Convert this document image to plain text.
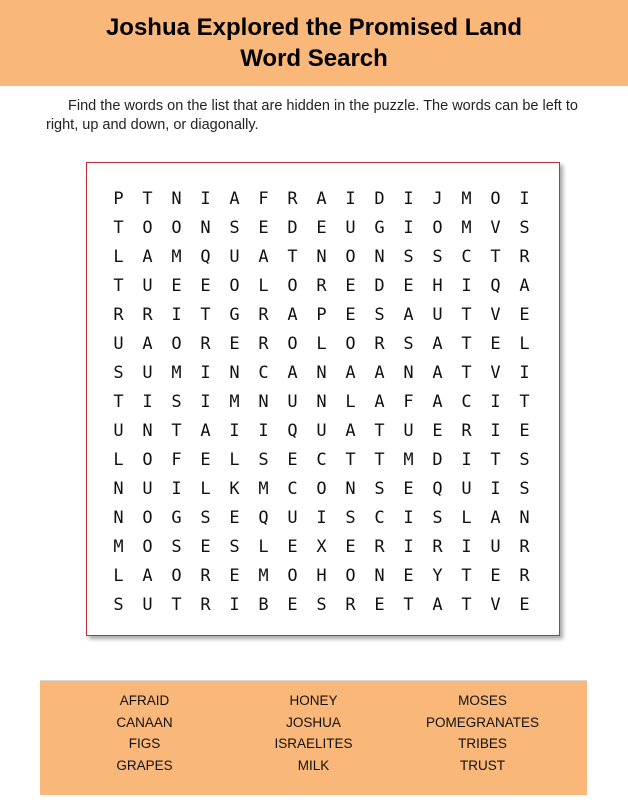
Joshua Explored the Promised Land
Word Search
Find the words on the list that are hidden in the puzzle. The words can be left to right, up and down, or diagonally.
P	T	N	I	A	F	R	A	I	D	I	J	M	O	I
T	O	O	N	S	E	D	E	U	G	I	O	M	V	S
L	A	M	Q	U	A	T	N	O	N	S	S	C	T	R
T	U	E	E	O	L	O	R	E	D	E	H	I	Q	A
R	R	I	T	G	R	A	P	E	S	A	U	T	V	E
U	A	O	R	E	R	O	L	O	R	S	A	T	E	L
S	U	M	I	N	C	A	N	A	A	N	A	T	V	I
T	I	S	I	M	N	U	N	L	A	F	A	C	I	T
U	N	T	A	I	I	Q	U	A	T	U	E	R	I	E
L	O	F	E	L	S	E	C	T	T	M	D	I	T	S
N	U	I	L	K	M	C	O	N	S	E	Q	U	I	S
N	O	G	S	E	Q	U	I	S	C	I	S	L	A	N
M	O	S	E	S	L	E	X	E	R	I	R	I	U	R
L	A	O	R	E	M	O	H	O	N	E	Y	T	E	R
S	U	T	R	I	B	E	S	R	E	T	A	T	V	E
AFRAID
CANAAN
FIGS
GRAPES
HONEY
JOSHUA
ISRAELITES
MILK
MOSES
POMEGRANATES
TRIBES
TRUST
